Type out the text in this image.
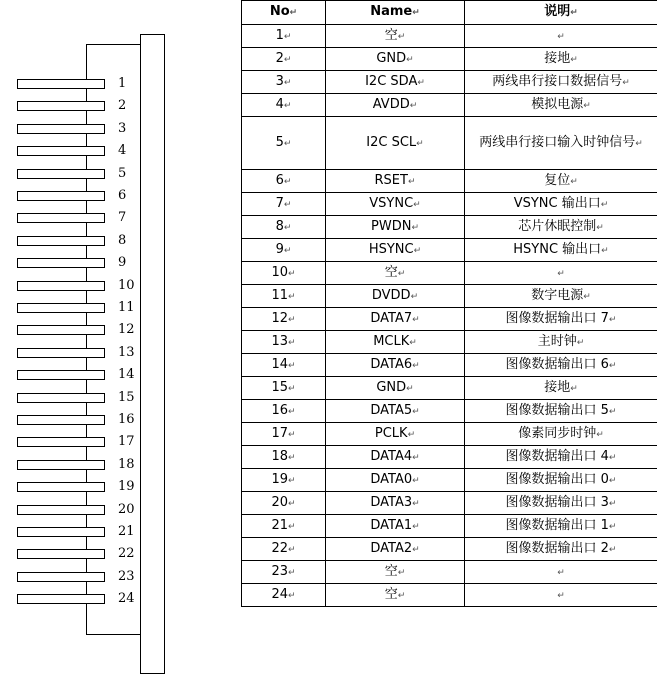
1
2
3
4
5
6
7
8
9
10
11
12
13
14
15
16
17
18
19
20
21
22
23
24
No↵	Name↵	说明↵
1↵	空↵	↵
2↵	GND↵	接地↵
3↵	I2C SDA↵	两线串行接口数据信号↵
4↵	AVDD↵	模拟电源↵
5↵	I2C SCL↵	两线串行接口输入时钟信号↵
6↵	RSET↵	复位↵
7↵	VSYNC↵	VSYNC 输出口↵
8↵	PWDN↵	芯片休眠控制↵
9↵	HSYNC↵	HSYNC 输出口↵
10↵	空↵	↵
11↵	DVDD↵	数字电源↵
12↵	DATA7↵	图像数据输出口 7↵
13↵	MCLK↵	主时钟↵
14↵	DATA6↵	图像数据输出口 6↵
15↵	GND↵	接地↵
16↵	DATA5↵	图像数据输出口 5↵
17↵	PCLK↵	像素同步时钟↵
18↵	DATA4↵	图像数据输出口 4↵
19↵	DATA0↵	图像数据输出口 0↵
20↵	DATA3↵	图像数据输出口 3↵
21↵	DATA1↵	图像数据输出口 1↵
22↵	DATA2↵	图像数据输出口 2↵
23↵	空↵	↵
24↵	空↵	↵
